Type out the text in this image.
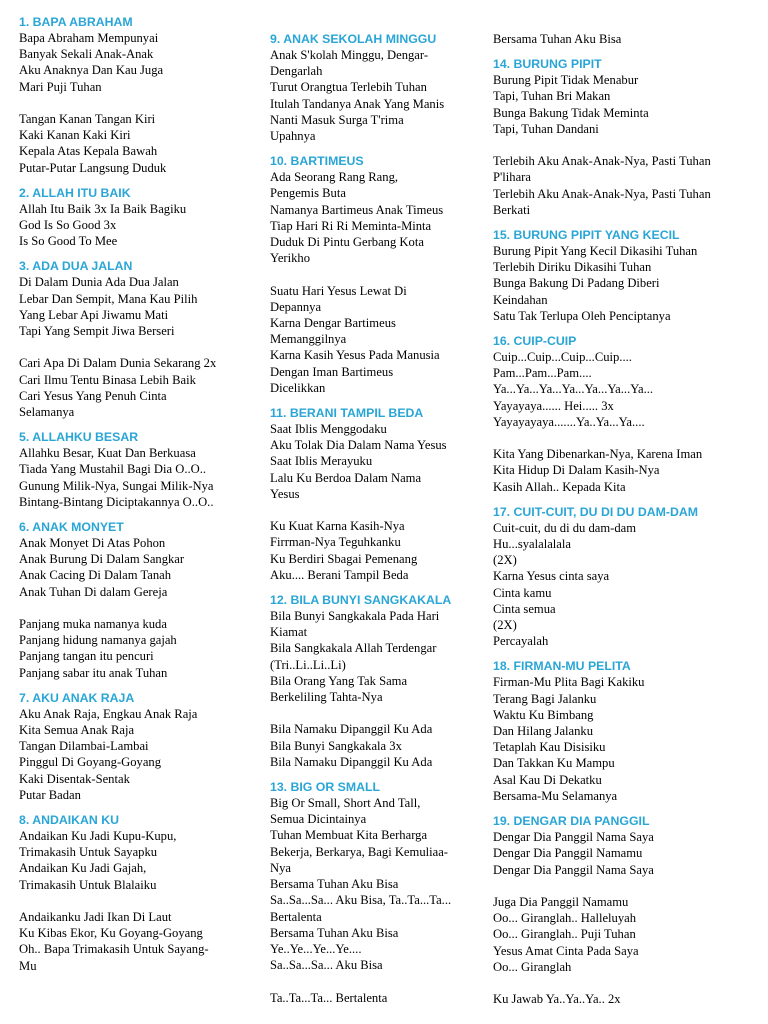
1. BAPA ABRAHAM
Bapa Abraham Mempunyai
Banyak Sekali Anak-Anak
Aku Anaknya Dan Kau Juga
Mari Puji Tuhan
Tangan Kanan Tangan Kiri
Kaki Kanan Kaki Kiri
Kepala Atas Kepala Bawah
Putar-Putar Langsung Duduk
2. ALLAH ITU BAIK
Allah Itu Baik 3x Ia Baik Bagiku
God Is So Good 3x
Is So Good To Mee
3. ADA DUA JALAN
Di Dalam Dunia Ada Dua Jalan
Lebar Dan Sempit, Mana Kau Pilih
Yang Lebar Api Jiwamu Mati
Tapi Yang Sempit Jiwa Berseri
Cari Apa Di Dalam Dunia Sekarang 2x
Cari Ilmu Tentu Binasa Lebih Baik
Cari Yesus Yang Penuh Cinta
Selamanya
5. ALLAHKU BESAR
Allahku Besar, Kuat Dan Berkuasa
Tiada Yang Mustahil Bagi Dia O..O..
Gunung Milik-Nya, Sungai Milik-Nya
Bintang-Bintang Diciptakannya O..O..
6. ANAK MONYET
Anak Monyet Di Atas Pohon
Anak Burung Di Dalam Sangkar
Anak Cacing Di Dalam Tanah
Anak Tuhan Di dalam Gereja
Panjang muka namanya kuda
Panjang hidung namanya gajah
Panjang tangan itu pencuri
Panjang sabar itu anak Tuhan
7. AKU ANAK RAJA
Aku Anak Raja, Engkau Anak Raja
Kita Semua Anak Raja
Tangan Dilambai-Lambai
Pinggul Di Goyang-Goyang
Kaki Disentak-Sentak
Putar Badan
8. ANDAIKAN KU
Andaikan Ku Jadi Kupu-Kupu,
Trimakasih Untuk Sayapku
Andaikan Ku Jadi Gajah,
Trimakasih Untuk Blalaiku
Andaikanku Jadi Ikan Di Laut
Ku Kibas Ekor, Ku Goyang-Goyang
Oh.. Bapa Trimakasih Untuk Sayang-
Mu
9. ANAK SEKOLAH MINGGU
Anak S'kolah Minggu, Dengar-
Dengarlah
Turut Orangtua Terlebih Tuhan
Itulah Tandanya Anak Yang Manis
Nanti Masuk Surga T'rima
Upahnya
10. BARTIMEUS
Ada Seorang Rang Rang,
Pengemis Buta
Namanya Bartimeus Anak Timeus
Tiap Hari Ri Ri Meminta-Minta
Duduk Di Pintu Gerbang Kota
Yerikho
Suatu Hari Yesus Lewat Di
Depannya
Karna Dengar Bartimeus
Memanggilnya
Karna Kasih Yesus Pada Manusia
Dengan Iman Bartimeus
Dicelikkan
11. BERANI TAMPIL BEDA
Saat Iblis Menggodaku
Aku Tolak Dia Dalam Nama Yesus
Saat Iblis Merayuku
Lalu Ku Berdoa Dalam Nama
Yesus
Ku Kuat Karna Kasih-Nya
Firrman-Nya Teguhkanku
Ku Berdiri Sbagai Pemenang
Aku.... Berani Tampil Beda
12. BILA BUNYI SANGKAKALA
Bila Bunyi Sangkakala Pada Hari
Kiamat
Bila Sangkakala Allah Terdengar
(Tri..Li..Li..Li)
Bila Orang Yang Tak Sama
Berkeliling Tahta-Nya
Bila Namaku Dipanggil Ku Ada
Bila Bunyi Sangkakala 3x
Bila Namaku Dipanggil Ku Ada
13. BIG OR SMALL
Big Or Small, Short And Tall,
Semua Dicintainya
Tuhan Membuat Kita Berharga
Bekerja, Berkarya, Bagi Kemuliaa-
Nya
Bersama Tuhan Aku Bisa
Sa..Sa...Sa... Aku Bisa, Ta..Ta...Ta...
Bertalenta
Bersama Tuhan Aku Bisa
Ye..Ye...Ye...Ye....
Sa..Sa...Sa... Aku Bisa
Ta..Ta...Ta... Bertalenta
Bersama Tuhan Aku Bisa
14. BURUNG PIPIT
Burung Pipit Tidak Menabur
Tapi, Tuhan Bri Makan
Bunga Bakung Tidak Meminta
Tapi, Tuhan Dandani
Terlebih Aku Anak-Anak-Nya, Pasti Tuhan
P'lihara
Terlebih Aku Anak-Anak-Nya, Pasti Tuhan
Berkati
15. BURUNG PIPIT YANG KECIL
Burung Pipit Yang Kecil Dikasihi Tuhan
Terlebih Diriku Dikasihi Tuhan
Bunga Bakung Di Padang Diberi
Keindahan
Satu Tak Terlupa Oleh Penciptanya
16. CUIP-CUIP
Cuip...Cuip...Cuip...Cuip....
Pam...Pam...Pam....
Ya...Ya...Ya...Ya...Ya...Ya...Ya...
Yayayaya...... Hei..... 3x
Yayayayaya.......Ya..Ya...Ya....
Kita Yang Dibenarkan-Nya, Karena Iman
Kita Hidup Di Dalam Kasih-Nya
Kasih Allah.. Kepada Kita
17. CUIT-CUIT, DU DI DU DAM-DAM
Cuit-cuit, du di du dam-dam
Hu...syalalalala
(2X)
Karna Yesus cinta saya
Cinta kamu
Cinta semua
(2X)
Percayalah
18. FIRMAN-MU PELITA
Firman-Mu Plita Bagi Kakiku
Terang Bagi Jalanku
Waktu Ku Bimbang
Dan Hilang Jalanku
Tetaplah Kau Disisiku
Dan Takkan Ku Mampu
Asal Kau Di Dekatku
Bersama-Mu Selamanya
19. DENGAR DIA PANGGIL
Dengar Dia Panggil Nama Saya
Dengar Dia Panggil Namamu
Dengar Dia Panggil Nama Saya
Juga Dia Panggil Namamu
Oo... Giranglah.. Halleluyah
Oo... Giranglah.. Puji Tuhan
Yesus Amat Cinta Pada Saya
Oo... Giranglah
Ku Jawab Ya..Ya..Ya.. 2x
